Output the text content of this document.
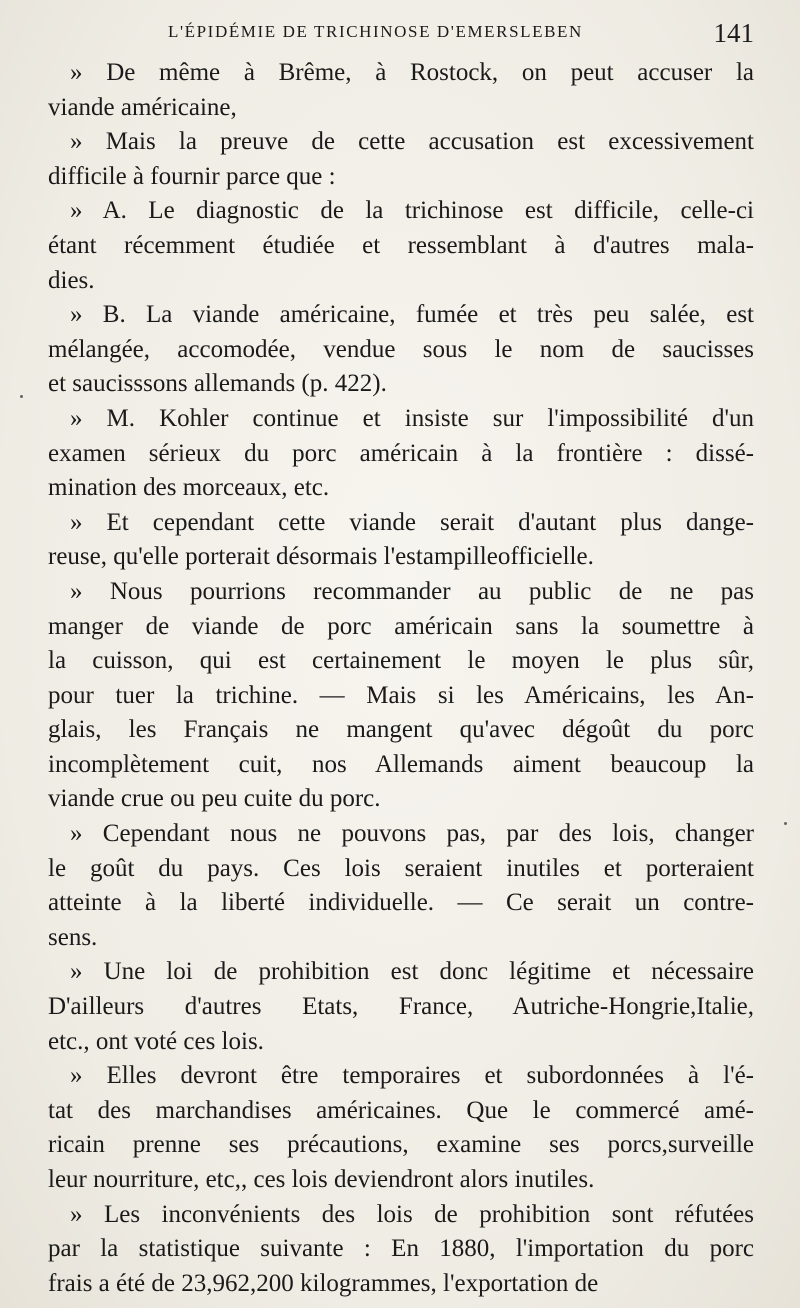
L'ÉPIDÉMIE DE TRICHINOSE D'EMERSLEBEN	141
» De même à Brême, à Rostock, on peut accuser la
viande américaine,
» Mais la preuve de cette accusation est excessivement
difficile à fournir parce que :
» A. Le diagnostic de la trichinose est difficile, celle-ci
étant récemment étudiée et ressemblant à d'autres mala-
dies.
» B. La viande américaine, fumée et très peu salée, est
mélangée, accomodée, vendue sous le nom de saucisses
et saucisssons allemands (p. 422).
» M. Kohler continue et insiste sur l'impossibilité d'un
examen sérieux du porc américain à la frontière : dissé-
mination des morceaux, etc.
» Et cependant cette viande serait d'autant plus dange-
reuse, qu'elle porterait désormais l'estampilleofficielle.
» Nous pourrions recommander au public de ne pas
manger de viande de porc américain sans la soumettre à
la cuisson, qui est certainement le moyen le plus sûr,
pour tuer la trichine. — Mais si les Américains, les An-
glais, les Français ne mangent qu'avec dégoût du porc
incomplètement cuit, nos Allemands aiment beaucoup la
viande crue ou peu cuite du porc.
» Cependant nous ne pouvons pas, par des lois, changer
le goût du pays. Ces lois seraient inutiles et porteraient
atteinte à la liberté individuelle. — Ce serait un contre-
sens.
» Une loi de prohibition est donc légitime et nécessaire
D'ailleurs d'autres Etats, France, Autriche-Hongrie,Italie,
etc., ont voté ces lois.
» Elles devront être temporaires et subordonnées à l'é-
tat des marchandises américaines. Que le commercé amé-
ricain prenne ses précautions, examine ses porcs,surveille
leur nourriture, etc,, ces lois deviendront alors inutiles.
» Les inconvénients des lois de prohibition sont réfutées
par la statistique suivante : En 1880, l'importation du porc
frais a été de 23,962,200 kilogrammes, l'exportation de
